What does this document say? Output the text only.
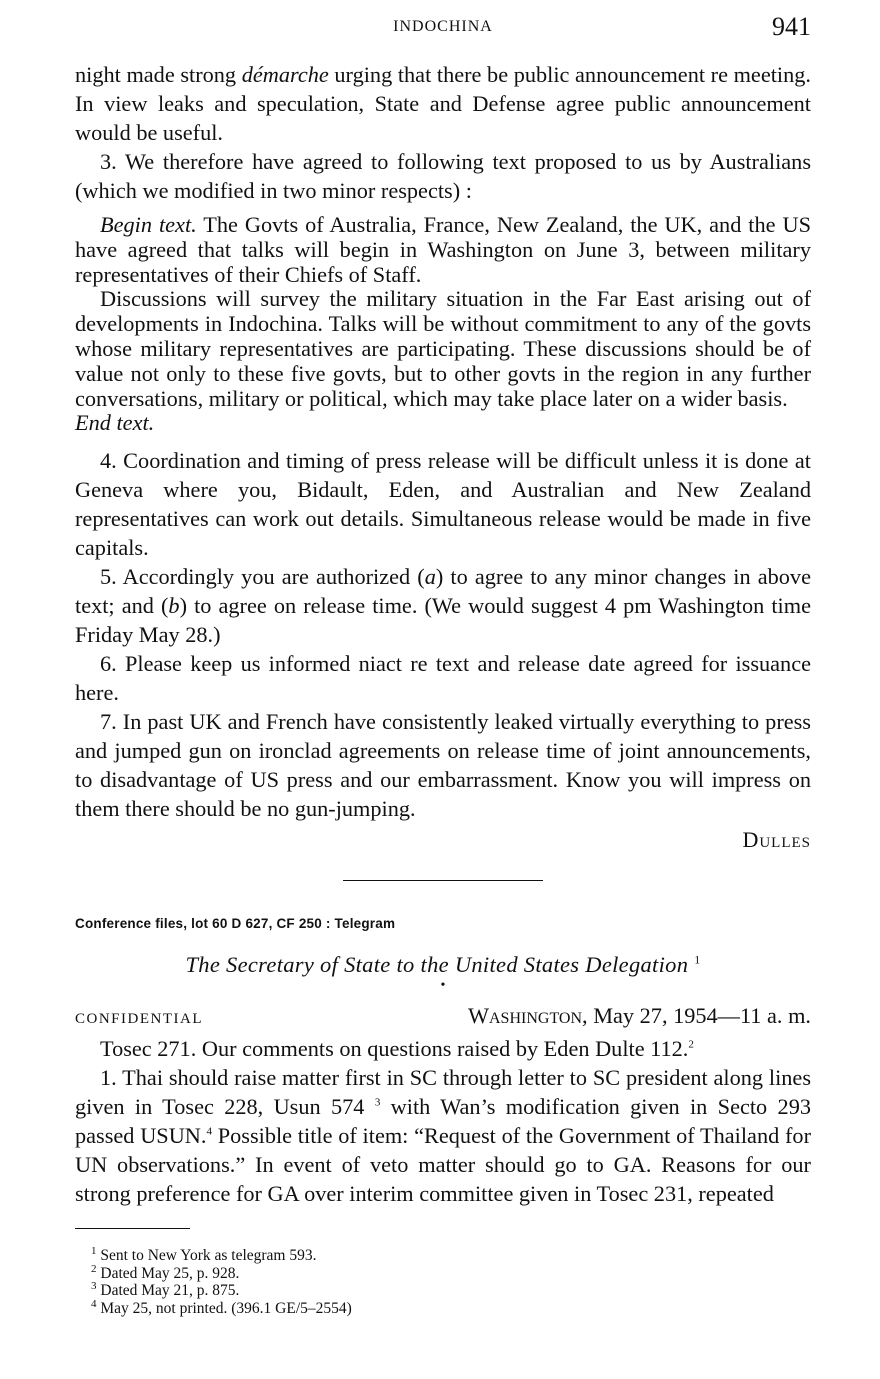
INDOCHINA	941

night made strong démarche urging that there be public announcement re meeting. In view leaks and speculation, State and Defense agree public announcement would be useful.

3. We therefore have agreed to following text proposed to us by Australians (which we modified in two minor respects) :

Begin text. The Govts of Australia, France, New Zealand, the UK, and the US have agreed that talks will begin in Washington on June 3, between military representatives of their Chiefs of Staff.

Discussions will survey the military situation in the Far East arising out of developments in Indochina. Talks will be without commitment to any of the govts whose military representatives are participating. These discussions should be of value not only to these five govts, but to other govts in the region in any further conversations, military or political, which may take place later on a wider basis.

End text.

4. Coordination and timing of press release will be difficult unless it is done at Geneva where you, Bidault, Eden, and Australian and New Zealand representatives can work out details. Simultaneous release would be made in five capitals.

5. Accordingly you are authorized (a) to agree to any minor changes in above text; and (b) to agree on release time. (We would suggest 4 pm Washington time Friday May 28.)

6. Please keep us informed niact re text and release date agreed for issuance here.

7. In past UK and French have consistently leaked virtually everything to press and jumped gun on ironclad agreements on release time of joint announcements, to disadvantage of US press and our embarrassment. Know you will impress on them there should be no gun-jumping.

Dulles
Conference files, lot 60 D 627, CF 250 : Telegram
The Secretary of State to the United States Delegation $^1$
•
CONFIDENTIAL	Washington, May 27, 1954—11 a. m.

Tosec 271. Our comments on questions raised by Eden Dulte 112.$^2$

1. Thai should raise matter first in SC through letter to SC president along lines given in Tosec 228, Usun 574 $^3$ with Wan’s modification given in Secto 293 passed USUN.$^4$ Possible title of item: “Request of the Government of Thailand for UN observations.” In event of veto matter should go to GA. Reasons for our strong preference for GA over interim committee given in Tosec 231, repeated

$^1$ Sent to New York as telegram 593.
$^2$ Dated May 25, p. 928.
$^3$ Dated May 21, p. 875.
$^4$ May 25, not printed. (396.1 GE/5–2554)
